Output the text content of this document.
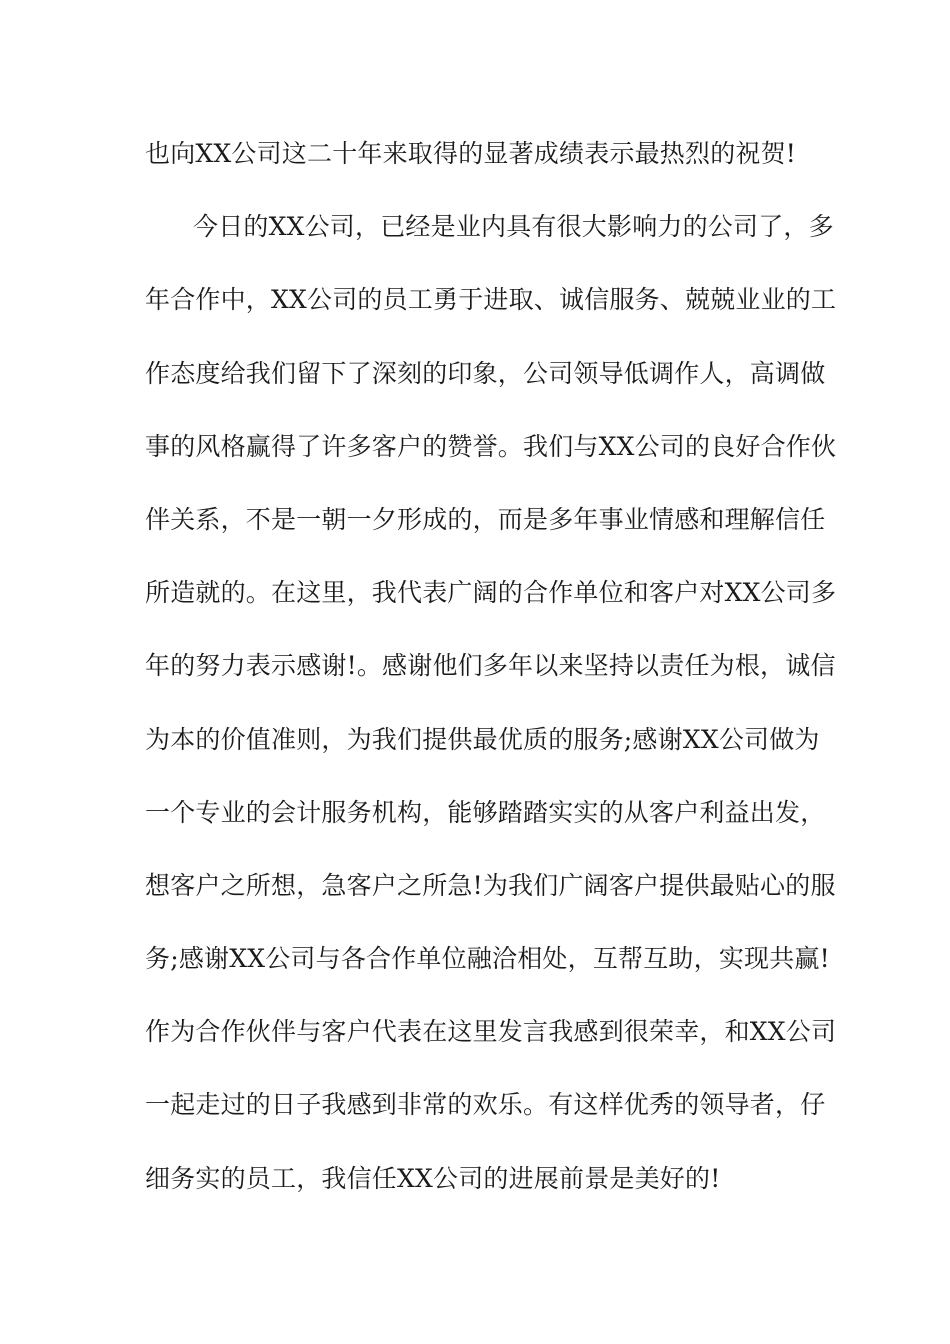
也向XX公司这二十年来取得的显著成绩表示最热烈的祝贺!
今日的XX公司，已经是业内具有很大影响力的公司了，多
年合作中，XX公司的员工勇于进取、诚信服务、兢兢业业的工
作态度给我们留下了深刻的印象，公司领导低调作人，高调做
事的风格赢得了许多客户的赞誉。我们与XX公司的良好合作伙
伴关系，不是一朝一夕形成的，而是多年事业情感和理解信任
所造就的。在这里，我代表广阔的合作单位和客户对XX公司多
年的努力表示感谢!。感谢他们多年以来坚持以责任为根，诚信
为本的价值准则，为我们提供最优质的服务;感谢XX公司做为
一个专业的会计服务机构，能够踏踏实实的从客户利益出发，
想客户之所想，急客户之所急!为我们广阔客户提供最贴心的服
务;感谢XX公司与各合作单位融洽相处，互帮互助，实现共赢!
作为合作伙伴与客户代表在这里发言我感到很荣幸，和XX公司
一起走过的日子我感到非常的欢乐。有这样优秀的领导者，仔
细务实的员工，我信任XX公司的进展前景是美好的!
